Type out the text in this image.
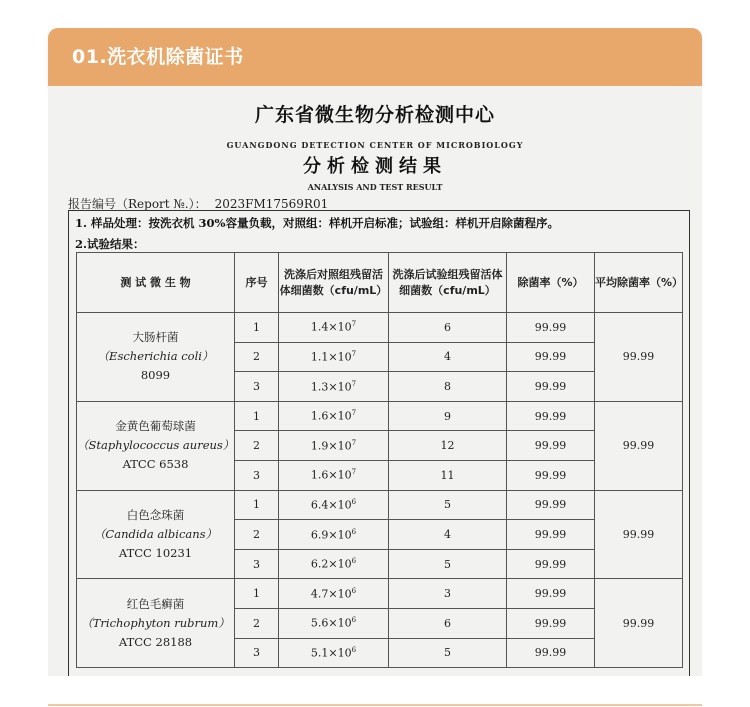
01.洗衣机除菌证书
广东省微生物分析检测中心
GUANGDONG DETECTION CENTER OF MICROBIOLOGY
分析检测结果
ANALYSIS AND TEST RESULT
报告编号（Report №.）： 2023FM17569R01
1. 样品处理：按洗衣机 30%容量负载，对照组：样机开启标准；试验组：样机开启除菌程序。
2.试验结果：
测 试 微 生 物	序号	洗涤后对照组残留活体细菌数（cfu/mL）	洗涤后试验组残留活体细菌数（cfu/mL）	除菌率（%）	平均除菌率（%）

大肠杆菌
（Escherichia coli）
8099	1	$1.4\times 10^7$	6	99.99	99.99
	2	$1.1\times 10^7$	4	99.99	
	3	$1.3\times 10^7$	8	99.99	

金黄色葡萄球菌
（Staphylococcus aureus）
ATCC 6538	1	$1.6\times 10^7$	9	99.99	99.99
	2	$1.9\times 10^7$	12	99.99	
	3	$1.6\times 10^7$	11	99.99	

白色念珠菌
（Candida albicans）
ATCC 10231	1	$6.4\times 10^6$	5	99.99	99.99
	2	$6.9\times 10^6$	4	99.99	
	3	$6.2\times 10^6$	5	99.99	

红色毛癣菌
（Trichophyton rubrum）
ATCC 28188	1	$4.7\times 10^6$	3	99.99	99.99
	2	$5.6\times 10^6$	6	99.99	
	3	$5.1\times 10^6$	5	99.99	
